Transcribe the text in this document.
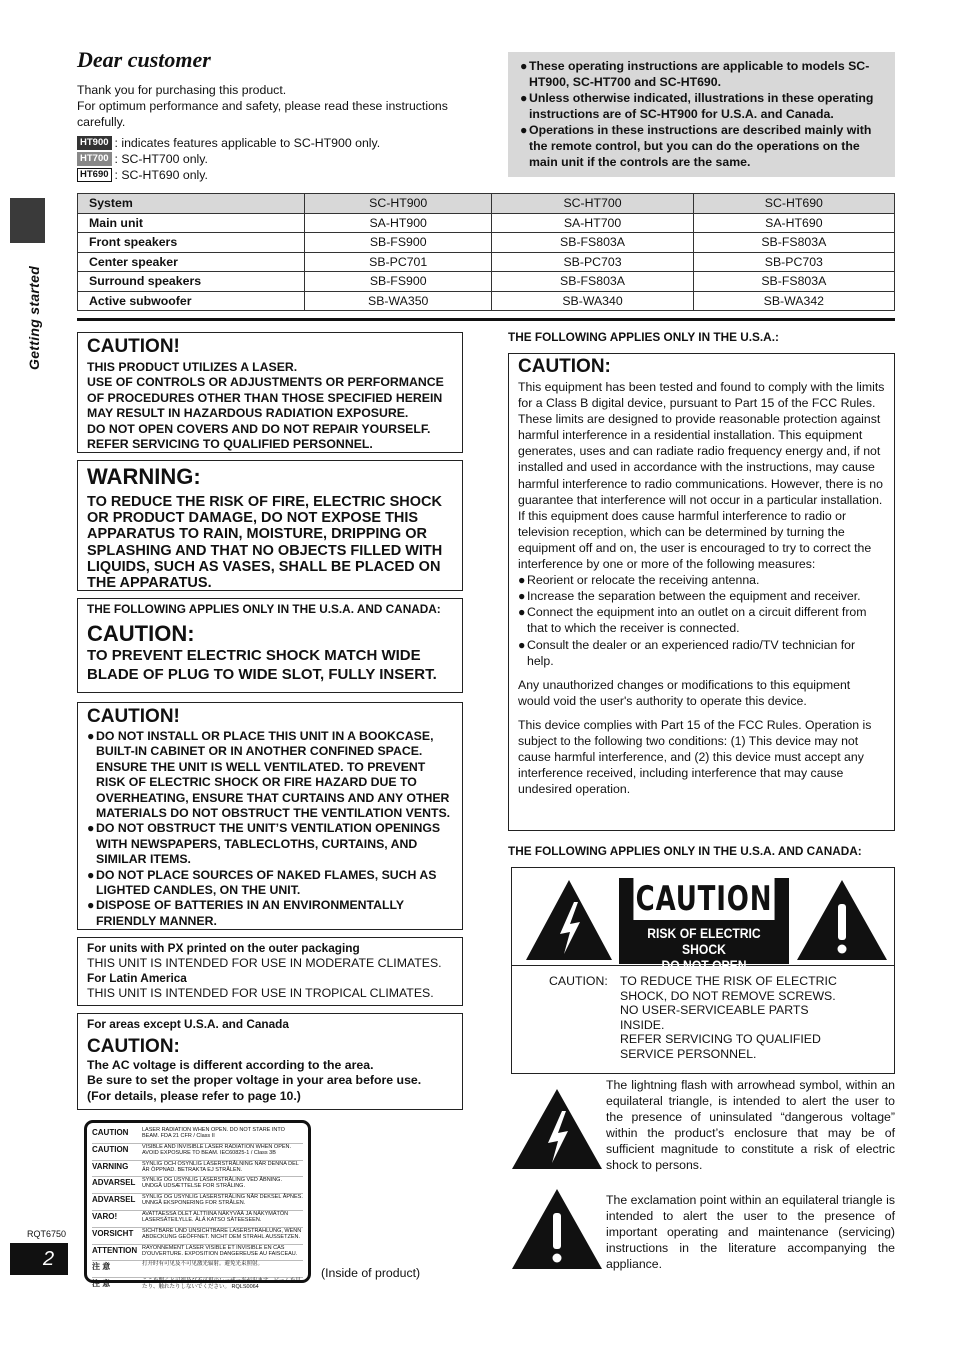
Getting started
Dear customer
Thank you for purchasing this product.
For optimum performance and safety, please read these instructions carefully.
HT900 : indicates features applicable to SC-HT900 only.
HT700 : SC-HT700 only.
HT690 : SC-HT690 only.
● These operating instructions are applicable to models SC-HT900, SC-HT700 and SC-HT690.
● Unless otherwise indicated, illustrations in these operating instructions are of SC-HT900 for U.S.A. and Canada.
● Operations in these instructions are described mainly with the remote control, but you can do the operations on the main unit if the controls are the same.
System	SC-HT900	SC-HT700	SC-HT690
Main unit	SA-HT900	SA-HT700	SA-HT690
Front speakers	SB-FS900	SB-FS803A	SB-FS803A
Center speaker	SB-PC701	SB-PC703	SB-PC703
Surround speakers	SB-FS900	SB-FS803A	SB-FS803A
Active subwoofer	SB-WA350	SB-WA340	SB-WA342
CAUTION!
THIS PRODUCT UTILIZES A LASER.
USE OF CONTROLS OR ADJUSTMENTS OR PERFORMANCE OF PROCEDURES OTHER THAN THOSE SPECIFIED HEREIN MAY RESULT IN HAZARDOUS RADIATION EXPOSURE.
DO NOT OPEN COVERS AND DO NOT REPAIR YOURSELF. REFER SERVICING TO QUALIFIED PERSONNEL.
WARNING:
TO REDUCE THE RISK OF FIRE, ELECTRIC SHOCK OR PRODUCT DAMAGE, DO NOT EXPOSE THIS APPARATUS TO RAIN, MOISTURE, DRIPPING OR SPLASHING AND THAT NO OBJECTS FILLED WITH LIQUIDS, SUCH AS VASES, SHALL BE PLACED ON THE APPARATUS.
THE FOLLOWING APPLIES ONLY IN THE U.S.A. AND CANADA:
CAUTION:
TO PREVENT ELECTRIC SHOCK MATCH WIDE BLADE OF PLUG TO WIDE SLOT, FULLY INSERT.
CAUTION!
● DO NOT INSTALL OR PLACE THIS UNIT IN A BOOKCASE, BUILT-IN CABINET OR IN ANOTHER CONFINED SPACE. ENSURE THE UNIT IS WELL VENTILATED. TO PREVENT RISK OF ELECTRIC SHOCK OR FIRE HAZARD DUE TO OVERHEATING, ENSURE THAT CURTAINS AND ANY OTHER MATERIALS DO NOT OBSTRUCT THE VENTILATION VENTS.
● DO NOT OBSTRUCT THE UNIT’S VENTILATION OPENINGS WITH NEWSPAPERS, TABLECLOTHS, CURTAINS, AND SIMILAR ITEMS.
● DO NOT PLACE SOURCES OF NAKED FLAMES, SUCH AS LIGHTED CANDLES, ON THE UNIT.
● DISPOSE OF BATTERIES IN AN ENVIRONMENTALLY FRIENDLY MANNER.
For units with PX printed on the outer packaging
THIS UNIT IS INTENDED FOR USE IN MODERATE CLIMATES.
For Latin America
THIS UNIT IS INTENDED FOR USE IN TROPICAL CLIMATES.
For areas except U.S.A. and Canada
CAUTION:
The AC voltage is different according to the area.
Be sure to set the proper voltage in your area before use.
(For details, please refer to page 10.)
CAUTION	LASER RADIATION WHEN OPEN. DO NOT STARE INTO BEAM. FDA 21 CFR / Class II
CAUTION	VISIBLE AND INVISIBLE LASER RADIATION WHEN OPEN. AVOID EXPOSURE TO BEAM. IEC60825-1 / Class 3B
VARNING	SYNLIG OCH OSYNLIG LASERSTRÅLNING NÄR DENNA DEL ÄR ÖPPNAD. BETRAKTA EJ STRÅLEN.
ADVARSEL	SYNLIG OG USYNLIG LASERSTRÅLING VED ÅBNING. UNDGÅ UDSÆTTELSE FOR STRÅLING.
ADVARSEL	SYNLIG OG USYNLIG LASERSTRÅLING NÅR DEKSEL ÅPNES. UNNGÅ EKSPONERING FOR STRÅLEN.
VARO!	AVATTAESSA OLET ALTTIINA NÄKYVÄÄ JA NÄKYMÄTÖN LASERSÄTEILYLLE. ÄLÄ KATSO SÄTEESEEN.
VORSICHT	SICHTBARE UND UNSICHTBARE LASERSTRAHLUNG, WENN ABDECKUNG GEÖFFNET. NICHT DEM STRAHL AUSSETZEN.
ATTENTION RAYONNEMENT LASER VISIBLE ET INVISIBLE EN CAS D'OUVERTURE. EXPOSITION DANGEREUSE AU FAISCEAU.
注 意	打开时有可见及不可见激光辐射。避免光束照射。
注 意	ここを開くと可視及び不可視のレーザー光が出ます。ビームを見たり、触れたりしないでください。 RQLS0064
(Inside of product)
THE FOLLOWING APPLIES ONLY IN THE U.S.A.:
CAUTION:
This equipment has been tested and found to comply with the limits for a Class B digital device, pursuant to Part 15 of the FCC Rules.
These limits are designed to provide reasonable protection against harmful interference in a residential installation. This equipment generates, uses and can radiate radio frequency energy and, if not installed and used in accordance with the instructions, may cause harmful interference to radio communications. However, there is no guarantee that interference will not occur in a particular installation. If this equipment does cause harmful interference to radio or television reception, which can be determined by turning the equipment off and on, the user is encouraged to try to correct the interference by one or more of the following measures:
● Reorient or relocate the receiving antenna.
● Increase the separation between the equipment and receiver.
● Connect the equipment into an outlet on a circuit different from that to which the receiver is connected.
● Consult the dealer or an experienced radio/TV technician for help.

Any unauthorized changes or modifications to this equipment would void the user's authority to operate this device.

This device complies with Part 15 of the FCC Rules. Operation is subject to the following two conditions: (1) This device may not cause harmful interference, and (2) this device must accept any interference received, including interference that may cause undesired operation.

THE FOLLOWING APPLIES ONLY IN THE U.S.A. AND CANADA:
CAUTION
RISK OF ELECTRIC SHOCK
DO NOT OPEN
CAUTION: TO REDUCE THE RISK OF ELECTRIC
SHOCK, DO NOT REMOVE SCREWS.
NO USER-SERVICEABLE PARTS
INSIDE.
REFER SERVICING TO QUALIFIED
SERVICE PERSONNEL.
The lightning flash with arrowhead symbol, within an equilateral triangle, is intended to alert the user to the presence of uninsulated “dangerous voltage” within the product’s enclosure that may be of sufficient magnitude to constitute a risk of electric shock to persons.
The exclamation point within an equilateral triangle is intended to alert the user to the presence of important operating and maintenance (servicing) instructions in the literature accompanying the appliance.
RQT6750
2
